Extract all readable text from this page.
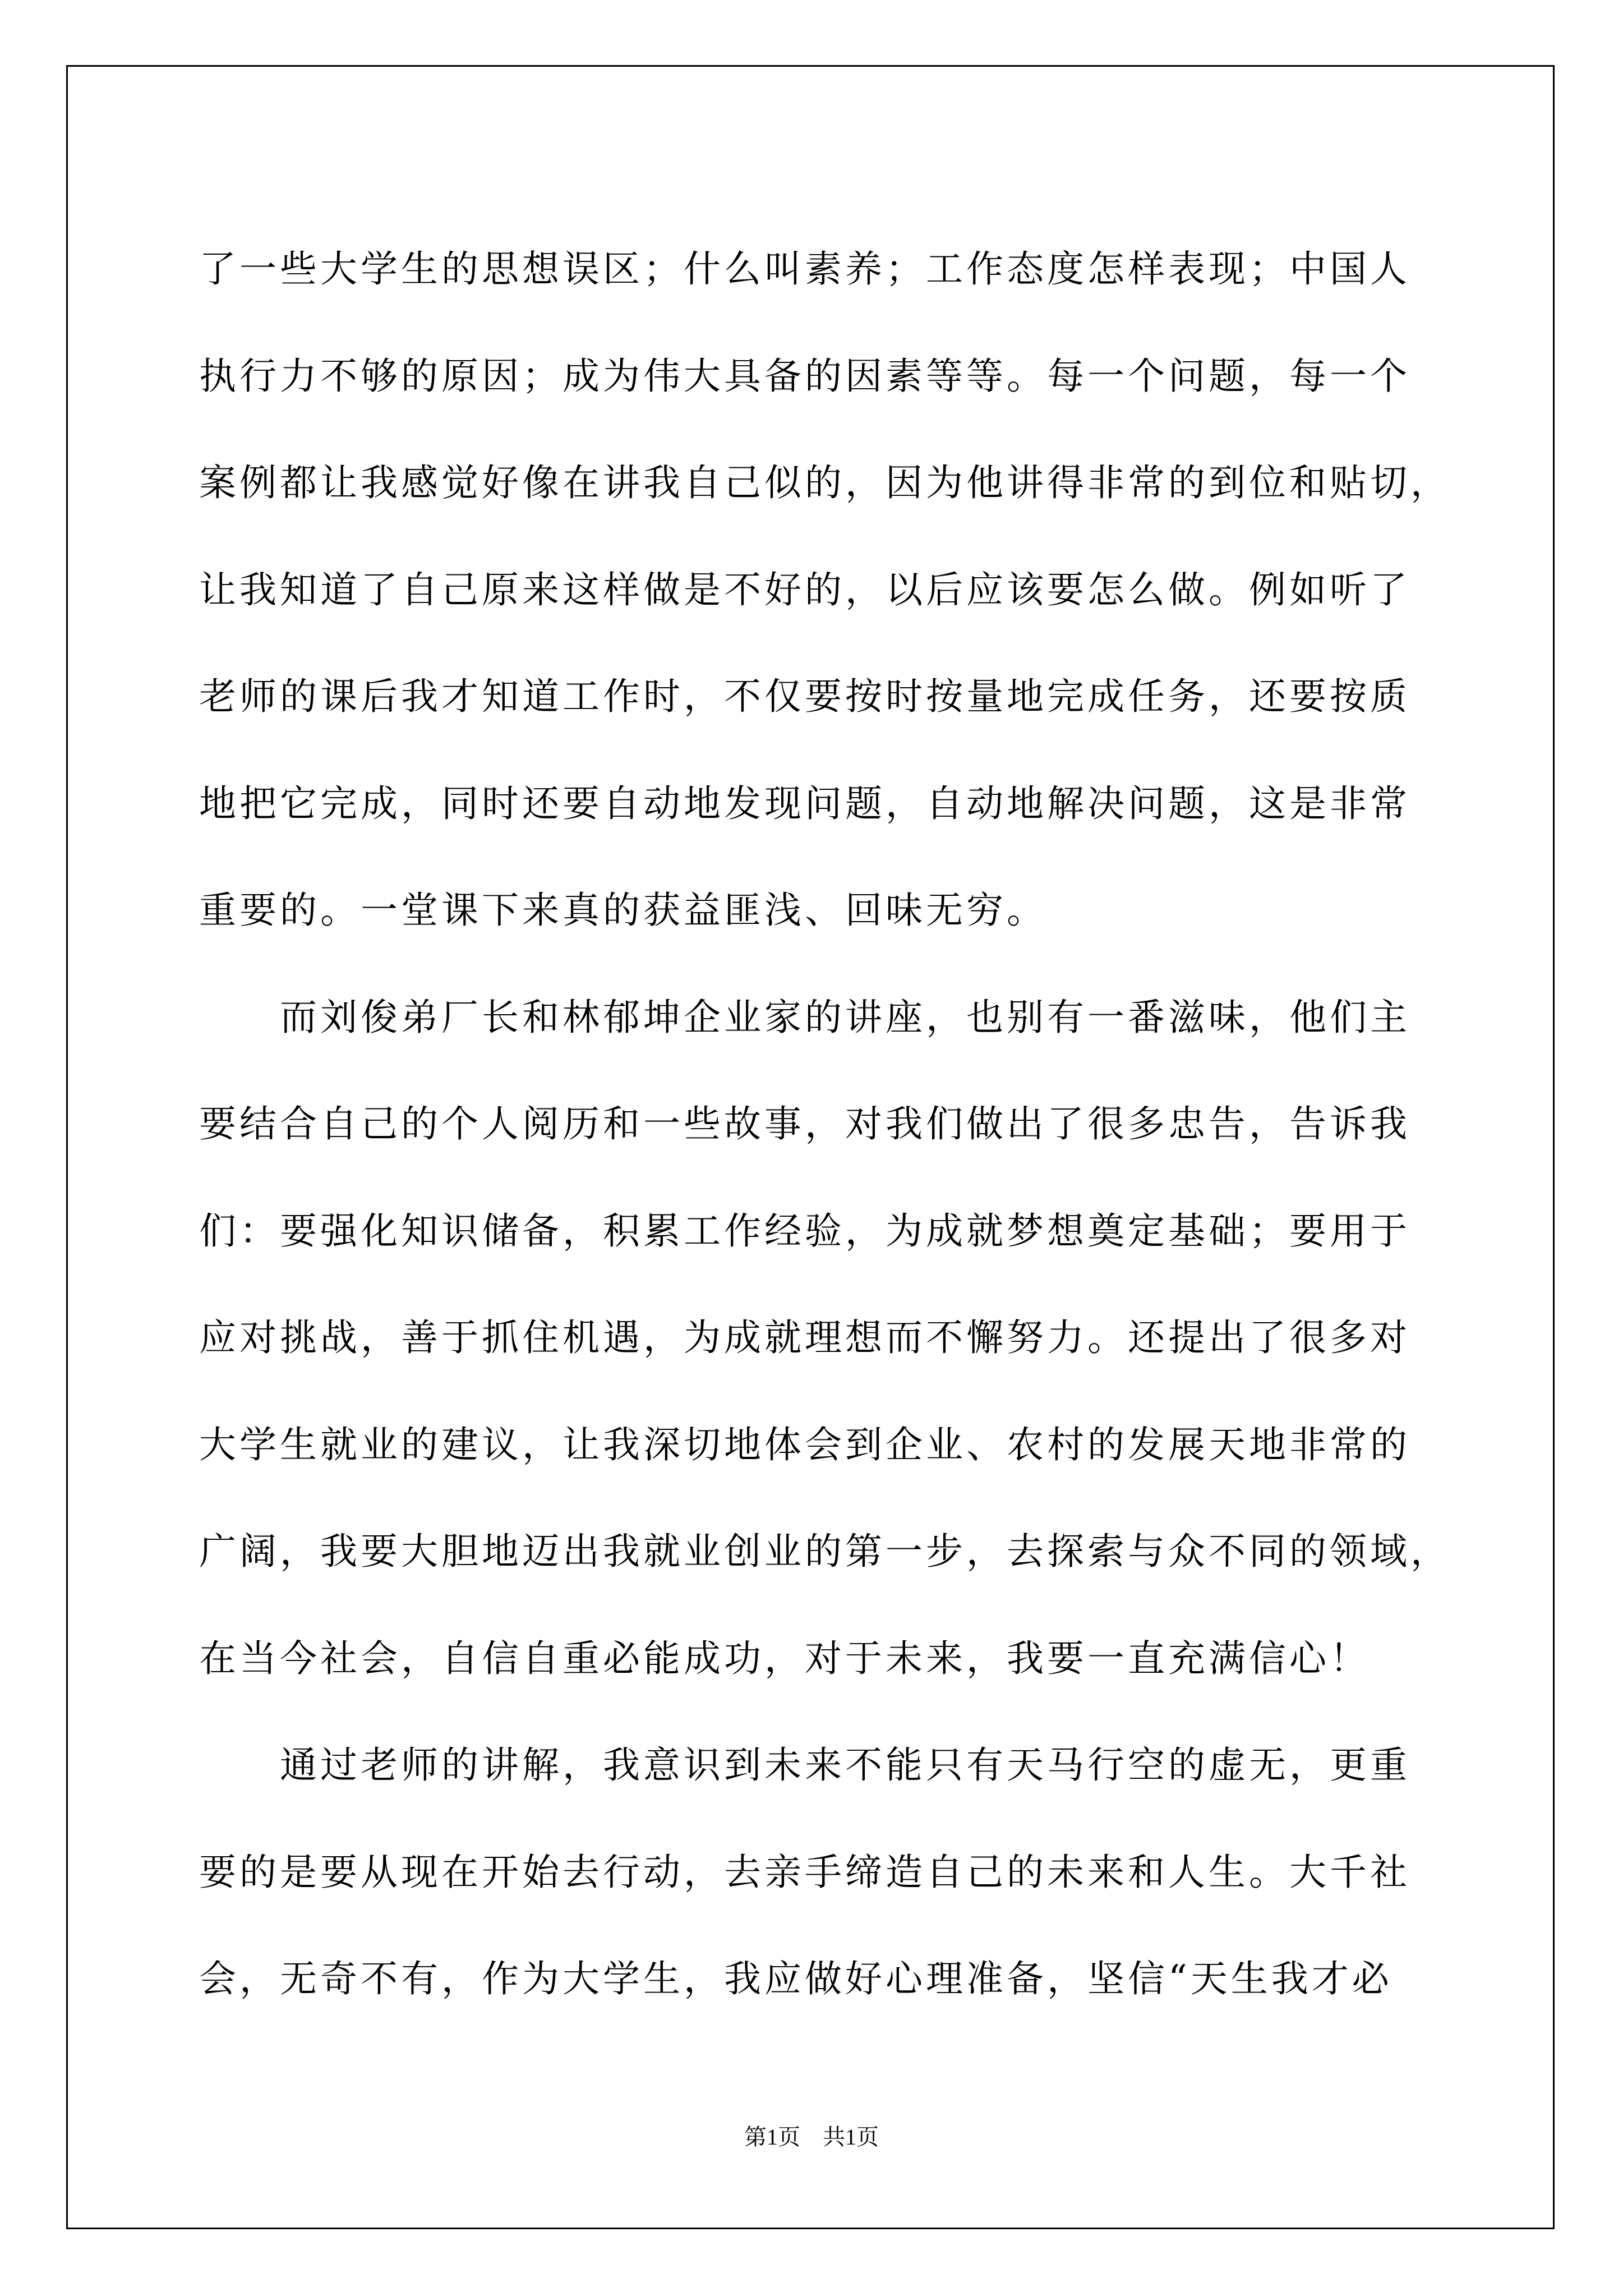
了一些大学生的思想误区；什么叫素养；工作态度怎样表现；中国人
执行力不够的原因；成为伟大具备的因素等等。每一个问题，每一个
案例都让我感觉好像在讲我自己似的，因为他讲得非常的到位和贴切，
让我知道了自己原来这样做是不好的，以后应该要怎么做。例如听了
老师的课后我才知道工作时，不仅要按时按量地完成任务，还要按质
地把它完成，同时还要自动地发现问题，自动地解决问题，这是非常
重要的。一堂课下来真的获益匪浅、回味无穷。
而刘俊弟厂长和林郁坤企业家的讲座，也别有一番滋味，他们主
要结合自己的个人阅历和一些故事，对我们做出了很多忠告，告诉我
们：要强化知识储备，积累工作经验，为成就梦想奠定基础；要用于
应对挑战，善于抓住机遇，为成就理想而不懈努力。还提出了很多对
大学生就业的建议，让我深切地体会到企业、农村的发展天地非常的
广阔，我要大胆地迈出我就业创业的第一步，去探索与众不同的领域，
在当今社会，自信自重必能成功，对于未来，我要一直充满信心！
通过老师的讲解，我意识到未来不能只有天马行空的虚无，更重
要的是要从现在开始去行动，去亲手缔造自己的未来和人生。大千社
会，无奇不有，作为大学生，我应做好心理准备，坚信“天生我才必
第1页 共1页
